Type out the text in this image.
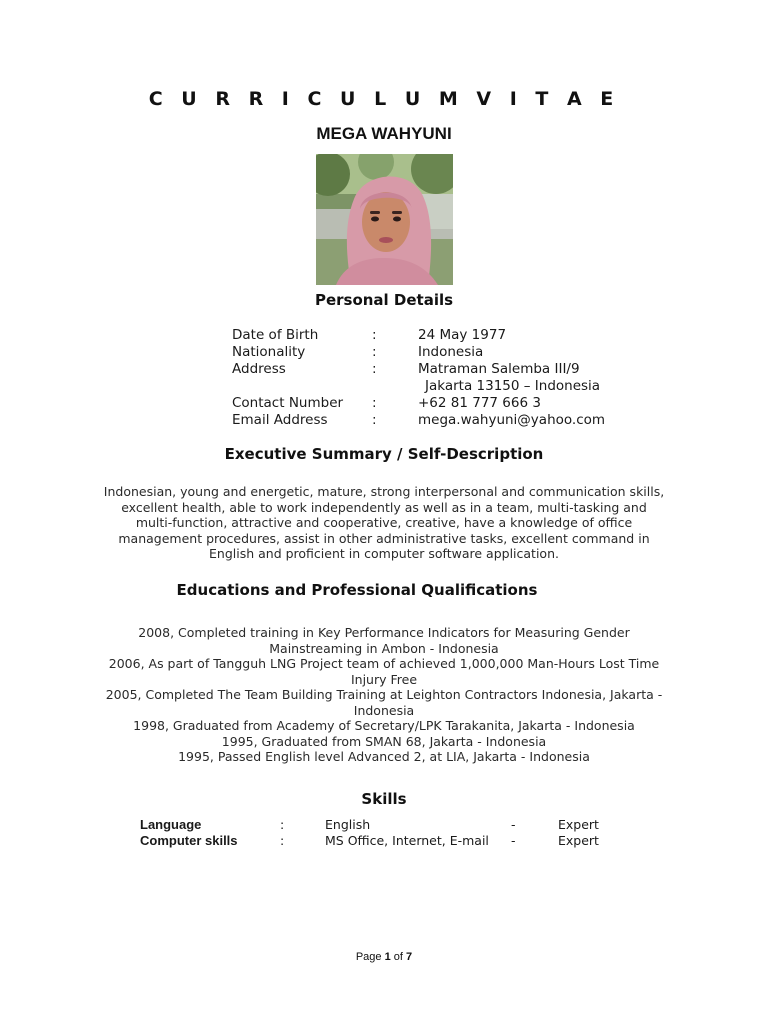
C U R R I C U L U M V I T A E
MEGA WAHYUNI
Personal Details
Date of Birth	:	24 May 1977
Nationality	:	Indonesia
Address	:	Matraman Salemba III/9
Jakarta 13150 – Indonesia
Contact Number :	+62 81 777 666 3
Email Address	:	mega.wahyuni@yahoo.com
Executive Summary / Self-Description

Indonesian, young and energetic, mature, strong interpersonal and communication skills,

excellent health, able to work independently as well as in a team, multi-tasking and

multi-function, attractive and cooperative, creative, have a knowledge of office

management procedures, assist in other administrative tasks, excellent command in

English and proficient in computer software application.

Educations and Professional Qualifications

2008, Completed training in Key Performance Indicators for Measuring Gender

Mainstreaming in Ambon - Indonesia

2006, As part of Tangguh LNG Project team of achieved 1,000,000 Man-Hours Lost Time

Injury Free

2005, Completed The Team Building Training at Leighton Contractors Indonesia, Jakarta -

Indonesia

1998, Graduated from Academy of Secretary/LPK Tarakanita, Jakarta - Indonesia

1995, Graduated from SMAN 68, Jakarta - Indonesia

1995, Passed English level Advanced 2, at LIA, Jakarta - Indonesia

Skills
Language	:	English	-	Expert
Computer skills	:	MS Office, Internet, E-mail -	Expert
Page 1 of 7
